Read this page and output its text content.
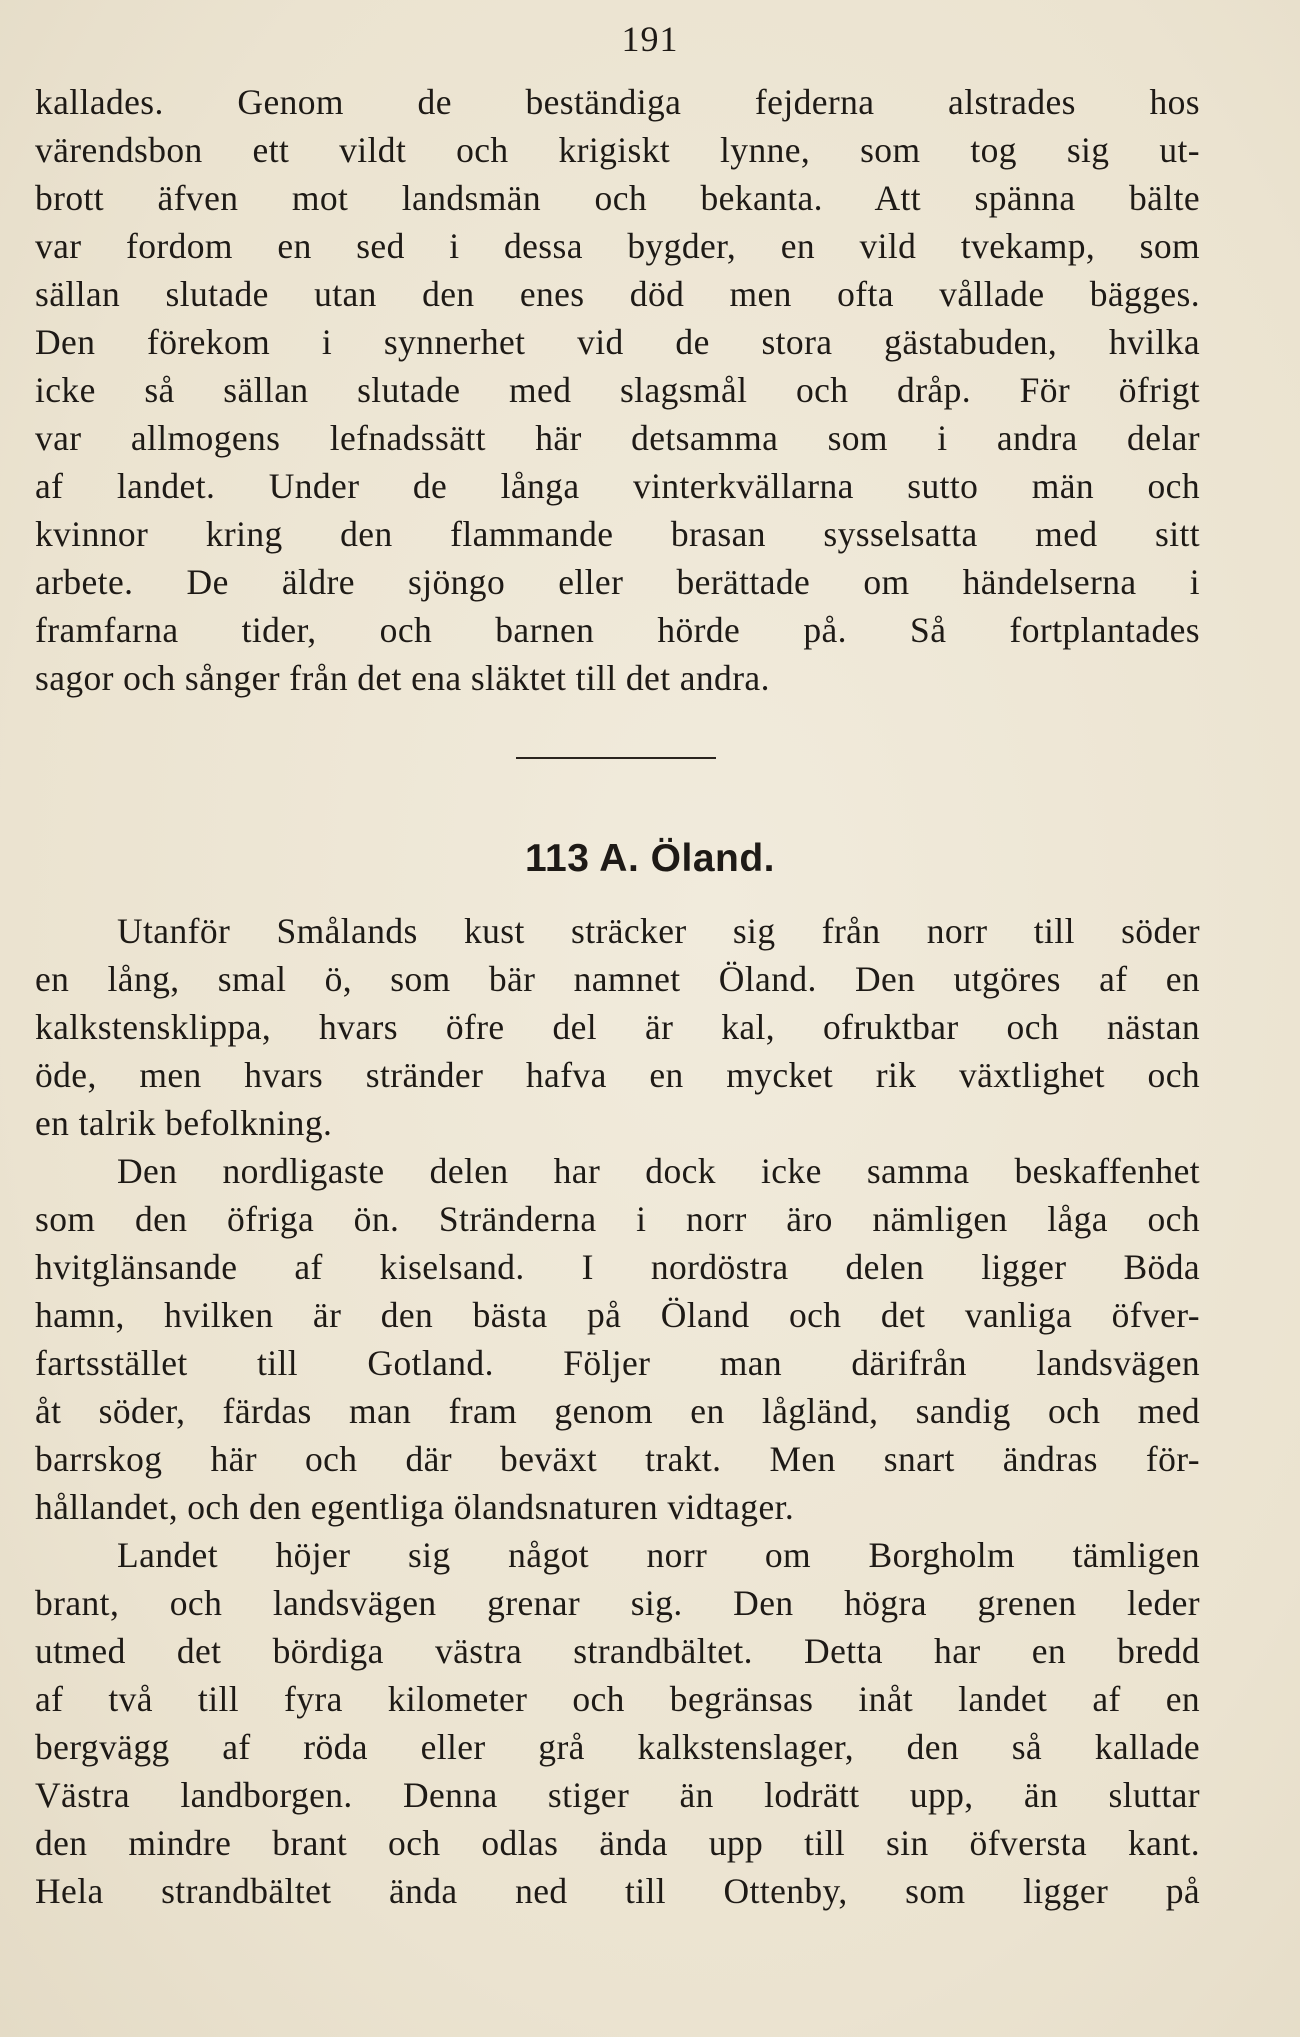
191
kallades. Genom de beständiga fejderna alstrades hos
värendsbon ett vildt och krigiskt lynne, som tog sig ut-
brott äfven mot landsmän och bekanta. Att spänna bälte
var fordom en sed i dessa bygder, en vild tvekamp, som
sällan slutade utan den enes död men ofta vållade bägges.
Den förekom i synnerhet vid de stora gästabuden, hvilka
icke så sällan slutade med slagsmål och dråp. För öfrigt
var allmogens lefnadssätt här detsamma som i andra delar
af landet. Under de långa vinterkvällarna sutto män och
kvinnor kring den flammande brasan sysselsatta med sitt
arbete. De äldre sjöngo eller berättade om händelserna i
framfarna tider, och barnen hörde på. Så fortplantades
sagor och sånger från det ena släktet till det andra.
113 A. Öland.
Utanför Smålands kust sträcker sig från norr till söder
en lång, smal ö, som bär namnet Öland. Den utgöres af en
kalkstensklippa, hvars öfre del är kal, ofruktbar och nästan
öde, men hvars stränder hafva en mycket rik växtlighet och
en talrik befolkning.
Den nordligaste delen har dock icke samma beskaffenhet
som den öfriga ön. Stränderna i norr äro nämligen låga och
hvitglänsande af kiselsand. I nordöstra delen ligger Böda
hamn, hvilken är den bästa på Öland och det vanliga öfver-
fartsstället till Gotland. Följer man därifrån landsvägen
åt söder, färdas man fram genom en lågländ, sandig och med
barrskog här och där beväxt trakt. Men snart ändras för-
hållandet, och den egentliga ölandsnaturen vidtager.
Landet höjer sig något norr om Borgholm tämligen
brant, och landsvägen grenar sig. Den högra grenen leder
utmed det bördiga västra strandbältet. Detta har en bredd
af två till fyra kilometer och begränsas inåt landet af en
bergvägg af röda eller grå kalkstenslager, den så kallade
Västra landborgen. Denna stiger än lodrätt upp, än sluttar
den mindre brant och odlas ända upp till sin öfversta kant.
Hela strandbältet ända ned till Ottenby, som ligger på
